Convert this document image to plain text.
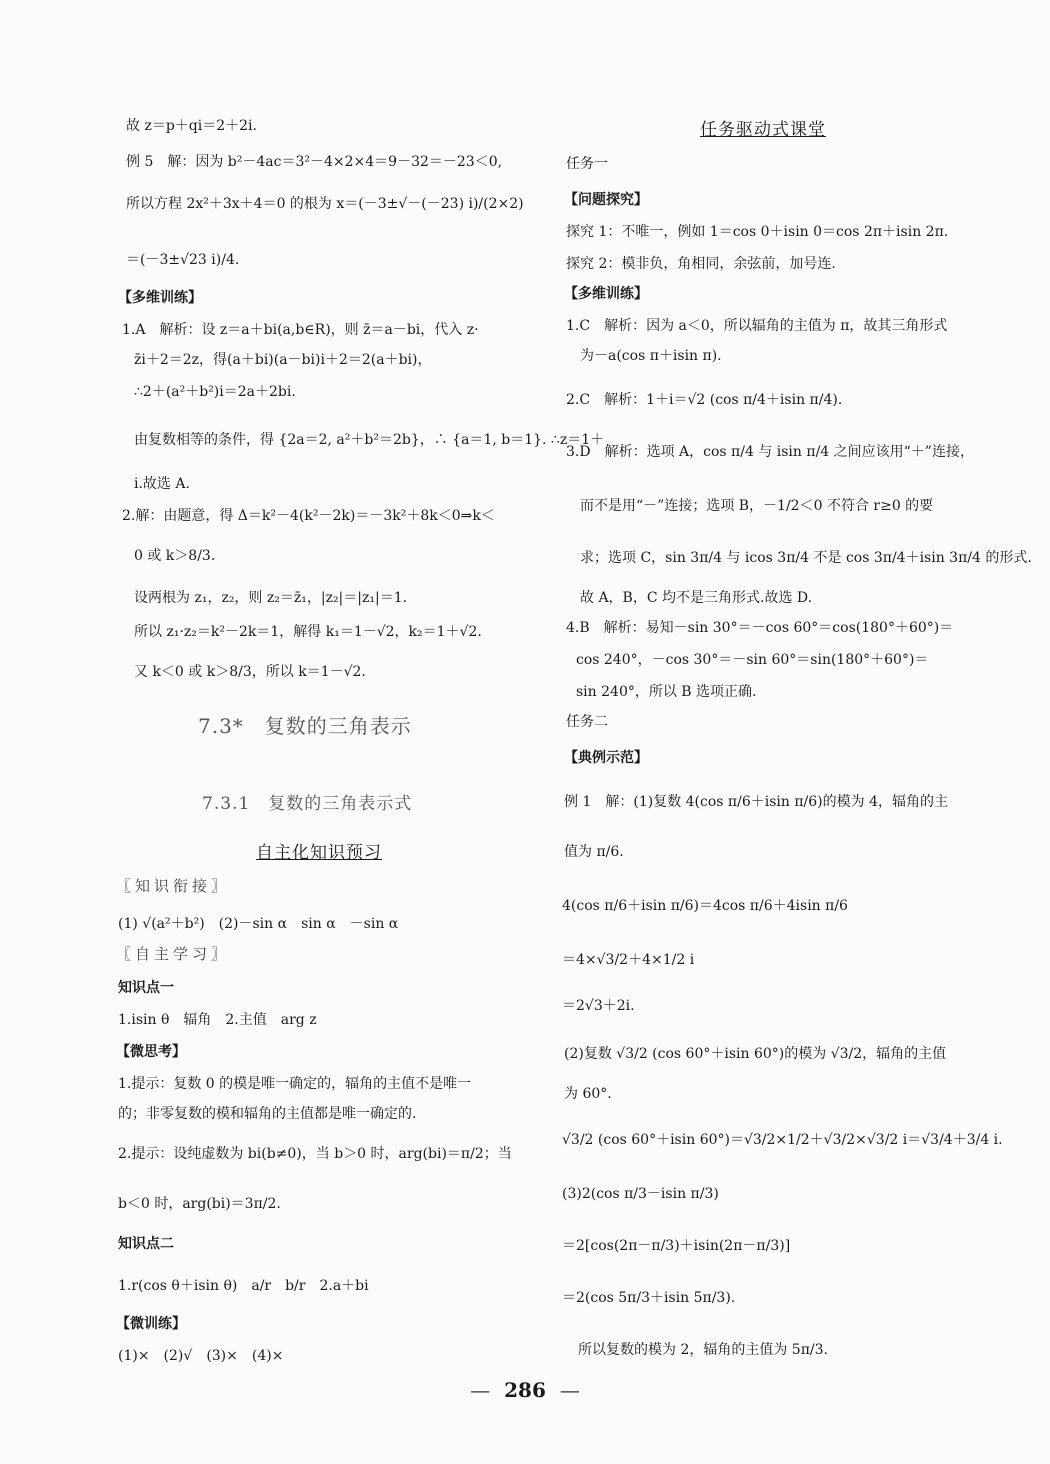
故 z＝p＋qi＝2＋2i.
例 5　解：因为 b²－4ac＝3²－4×2×4＝9－32＝－23＜0,
所以方程 2x²＋3x＋4＝0 的根为 x＝(－3±√－(－23) i)/(2×2)
＝(－3±√23 i)/4.
【多维训练】
1.A　解析：设 z＝a＋bi(a,b∈R)，则 z̄＝a－bi，代入 z·
z̄i＋2＝2z，得(a＋bi)(a－bi)i＋2＝2(a＋bi)，
∴2＋(a²＋b²)i＝2a＋2bi.
由复数相等的条件，得 {2a＝2, a²＋b²＝2b}，∴ {a＝1, b＝1}. ∴z＝1＋
i.故选 A.
2.解：由题意，得 Δ＝k²－4(k²－2k)＝－3k²＋8k＜0⇒k＜
0 或 k＞8/3.
设两根为 z₁，z₂，则 z₂＝z̄₁，|z₂|＝|z₁|＝1.
所以 z₁·z₂＝k²－2k＝1，解得 k₁＝1－√2，k₂＝1＋√2.
又 k＜0 或 k＞8/3，所以 k＝1－√2.
7.3*　复数的三角表示
7.3.1　复数的三角表示式
自主化知识预习
〖知识衔接〗
(1) √(a²＋b²)　(2)－sin α　sin α　－sin α
〖自主学习〗
知识点一
1.isin θ　辐角　2.主值　arg z
【微思考】
1.提示：复数 0 的模是唯一确定的，辐角的主值不是唯一
的；非零复数的模和辐角的主值都是唯一确定的.
2.提示：设纯虚数为 bi(b≠0)，当 b＞0 时，arg(bi)＝π/2；当
b＜0 时，arg(bi)＝3π/2.
知识点二
1.r(cos θ＋isin θ)　a/r　b/r　2.a＋bi
【微训练】
(1)×　(2)√　(3)×　(4)×
任务驱动式课堂
任务一
【问题探究】
探究 1：不唯一，例如 1＝cos 0＋isin 0＝cos 2π＋isin 2π.
探究 2：模非负，角相同，余弦前，加号连.
【多维训练】
1.C　解析：因为 a＜0，所以辐角的主值为 π，故其三角形式
为－a(cos π＋isin π).
2.C　解析：1＋i＝√2 (cos π/4＋isin π/4).
3.D　解析：选项 A，cos π/4 与 isin π/4 之间应该用“＋”连接，
而不是用“－”连接；选项 B，－1/2＜0 不符合 r≥0 的要
求；选项 C，sin 3π/4 与 icos 3π/4 不是 cos 3π/4＋isin 3π/4 的形式.
故 A，B，C 均不是三角形式.故选 D.
4.B　解析：易知－sin 30°＝－cos 60°＝cos(180°＋60°)＝
cos 240°，－cos 30°＝－sin 60°＝sin(180°＋60°)＝
sin 240°，所以 B 选项正确.
任务二
【典例示范】
例 1　解：(1)复数 4(cos π/6＋isin π/6)的模为 4，辐角的主
值为 π/6.
4(cos π/6＋isin π/6)＝4cos π/6＋4isin π/6
＝4×√3/2＋4×1/2 i
＝2√3＋2i.
(2)复数 √3/2 (cos 60°＋isin 60°)的模为 √3/2，辐角的主值
为 60°.
√3/2 (cos 60°＋isin 60°)＝√3/2×1/2＋√3/2×√3/2 i＝√3/4＋3/4 i.
(3)2(cos π/3－isin π/3)
＝2[cos(2π－π/3)＋isin(2π－π/3)]
＝2(cos 5π/3＋isin 5π/3).
所以复数的模为 2，辐角的主值为 5π/3.
— 286 —
